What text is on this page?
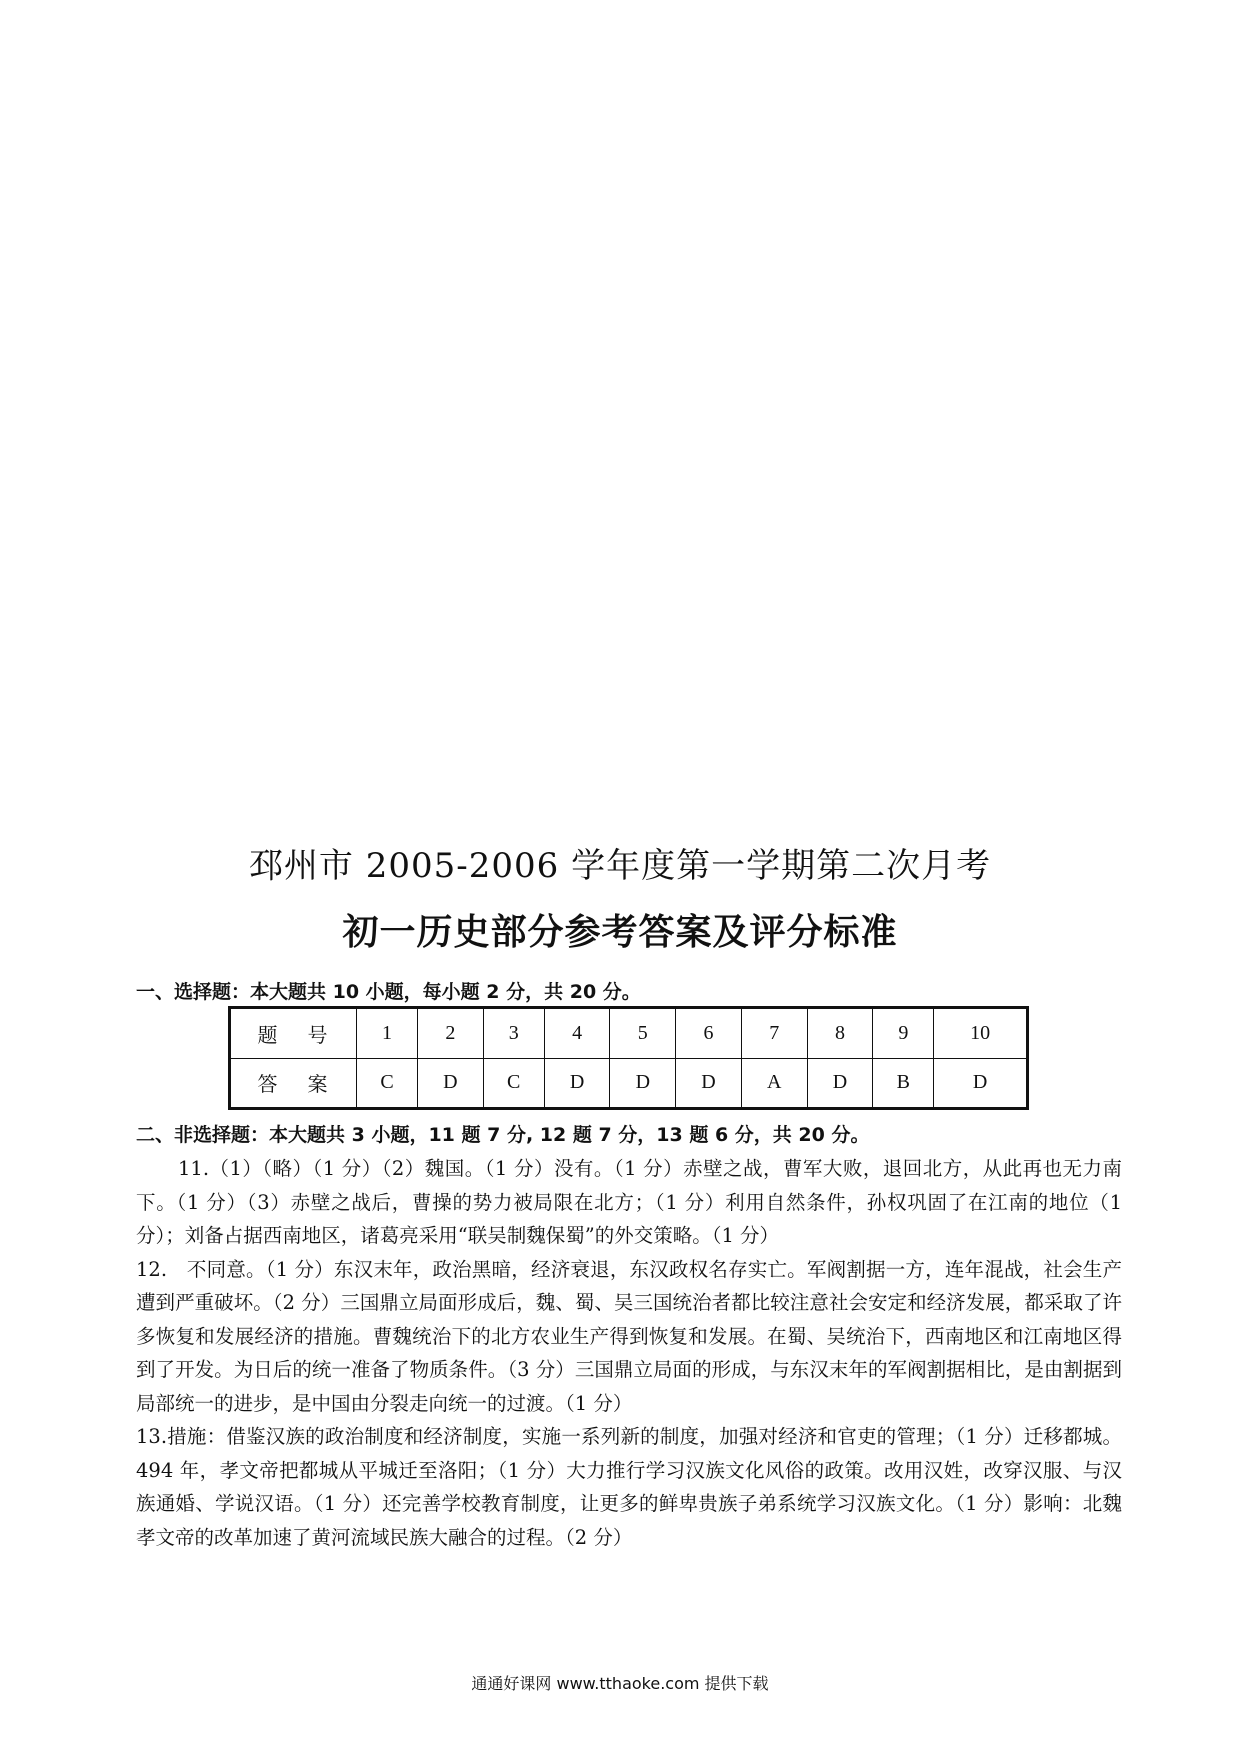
邳州市 2005-2006 学年度第一学期第二次月考
初一历史部分参考答案及评分标准
一、选择题：本大题共 10 小题，每小题 2 分，共 20 分。
题 号	1	2	3	4	5	6	7	8	9	10
答 案	C	D	C	D	D	D	A	D	B	D
二、非选择题：本大题共 3 小题，11 题 7 分, 12 题 7 分，13 题 6 分，共 20 分。

11.（1）（略）（1 分）（2）魏国。（1 分）没有。（1 分）赤壁之战，曹军大败，退回北方，从此再也无力南下。（1 分）（3）赤壁之战后，曹操的势力被局限在北方；（1 分）利用自然条件，孙权巩固了在江南的地位（1 分）；刘备占据西南地区，诸葛亮采用“联吴制魏保蜀”的外交策略。（1 分）

12.　不同意。（1 分）东汉末年，政治黑暗，经济衰退，东汉政权名存实亡。军阀割据一方，连年混战，社会生产遭到严重破坏。（2 分）三国鼎立局面形成后，魏、蜀、吴三国统治者都比较注意社会安定和经济发展，都采取了许多恢复和发展经济的措施。曹魏统治下的北方农业生产得到恢复和发展。在蜀、吴统治下，西南地区和江南地区得到了开发。为日后的统一准备了物质条件。（3 分）三国鼎立局面的形成，与东汉末年的军阀割据相比，是由割据到局部统一的进步，是中国由分裂走向统一的过渡。（1 分）

13.措施：借鉴汉族的政治制度和经济制度，实施一系列新的制度，加强对经济和官吏的管理；（1 分）迁移都城。494 年，孝文帝把都城从平城迁至洛阳；（1 分）大力推行学习汉族文化风俗的政策。改用汉姓，改穿汉服、与汉族通婚、学说汉语。（1 分）还完善学校教育制度，让更多的鲜卑贵族子弟系统学习汉族文化。（1 分）影响：北魏孝文帝的改革加速了黄河流域民族大融合的过程。（2 分）

通通好课网 www.tthaoke.com 提供下载
